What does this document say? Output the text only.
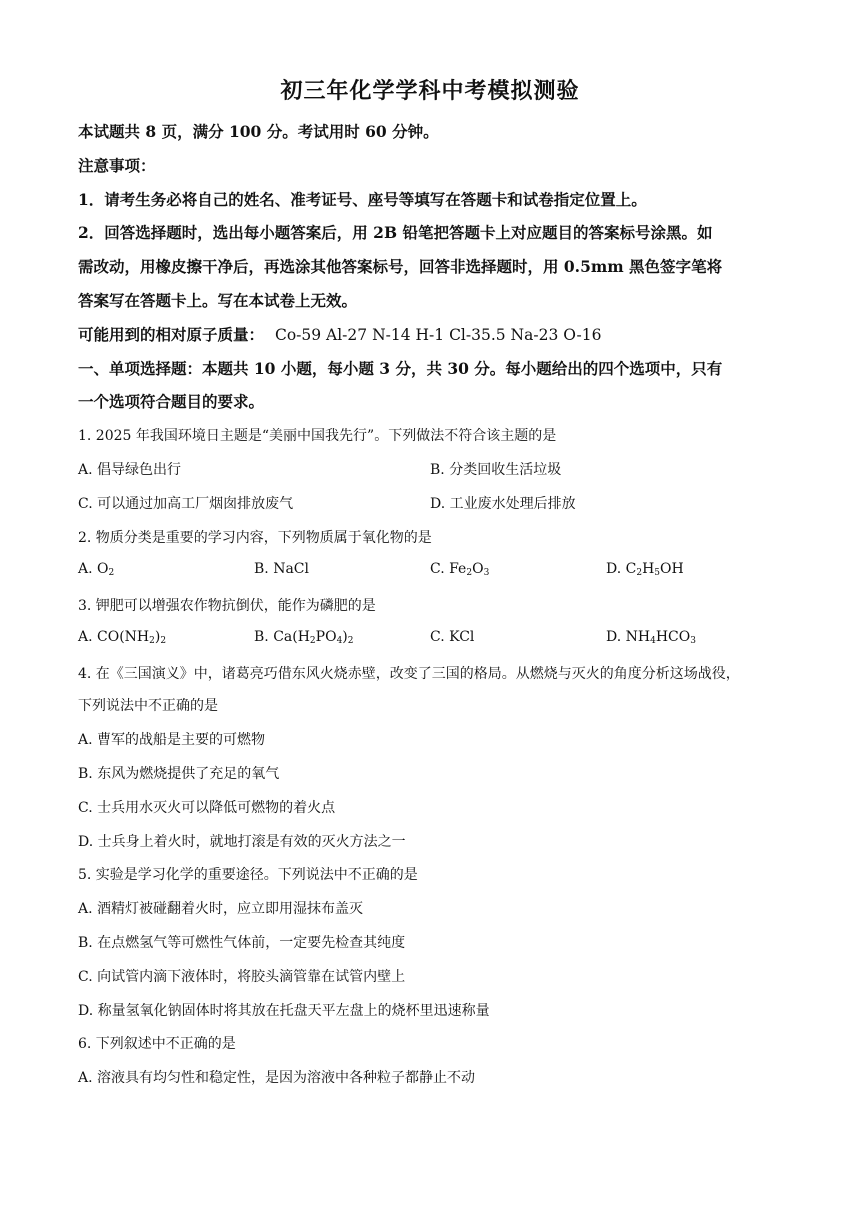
初三年化学学科中考模拟测验
本试题共 8 页，满分 100 分。考试用时 60 分钟。
注意事项：
1．请考生务必将自己的姓名、准考证号、座号等填写在答题卡和试卷指定位置上。
2．回答选择题时，选出每小题答案后，用 2B 铅笔把答题卡上对应题目的答案标号涂黑。如
需改动，用橡皮擦干净后，再选涂其他答案标号，回答非选择题时，用 0.5mm 黑色签字笔将
答案写在答题卡上。写在本试卷上无效。
可能用到的相对原子质量： Co-59 Al-27 N-14 H-1 Cl-35.5 Na-23 O-16
一、单项选择题：本题共 10 小题，每小题 3 分，共 30 分。每小题给出的四个选项中，只有
一个选项符合题目的要求。
1. 2025 年我国环境日主题是“美丽中国我先行”。下列做法不符合该主题的是
A. 倡导绿色出行	B. 分类回收生活垃圾
C. 可以通过加高工厂烟囱排放废气	D. 工业废水处理后排放
2. 物质分类是重要的学习内容，下列物质属于氧化物的是
A. $O_2$	B. NaCl	C. $Fe_2O_3$	D. $C_2H_5OH$
3. 钾肥可以增强农作物抗倒伏，能作为磷肥的是
A. $CO(NH_2)_2$	B. $Ca(H_2PO_4)_2$	C. KCl	D. $NH_4HCO_3$
4. 在《三国演义》中，诸葛亮巧借东风火烧赤壁，改变了三国的格局。从燃烧与灭火的角度分析这场战役，
下列说法中不正确的是
A. 曹军的战船是主要的可燃物
B. 东风为燃烧提供了充足的氧气
C. 士兵用水灭火可以降低可燃物的着火点
D. 士兵身上着火时，就地打滚是有效的灭火方法之一
5. 实验是学习化学的重要途径。下列说法中不正确的是
A. 酒精灯被碰翻着火时，应立即用湿抹布盖灭
B. 在点燃氢气等可燃性气体前，一定要先检查其纯度
C. 向试管内滴下液体时，将胶头滴管靠在试管内壁上
D. 称量氢氧化钠固体时将其放在托盘天平左盘上的烧杯里迅速称量
6. 下列叙述中不正确的是
A. 溶液具有均匀性和稳定性，是因为溶液中各种粒子都静止不动
